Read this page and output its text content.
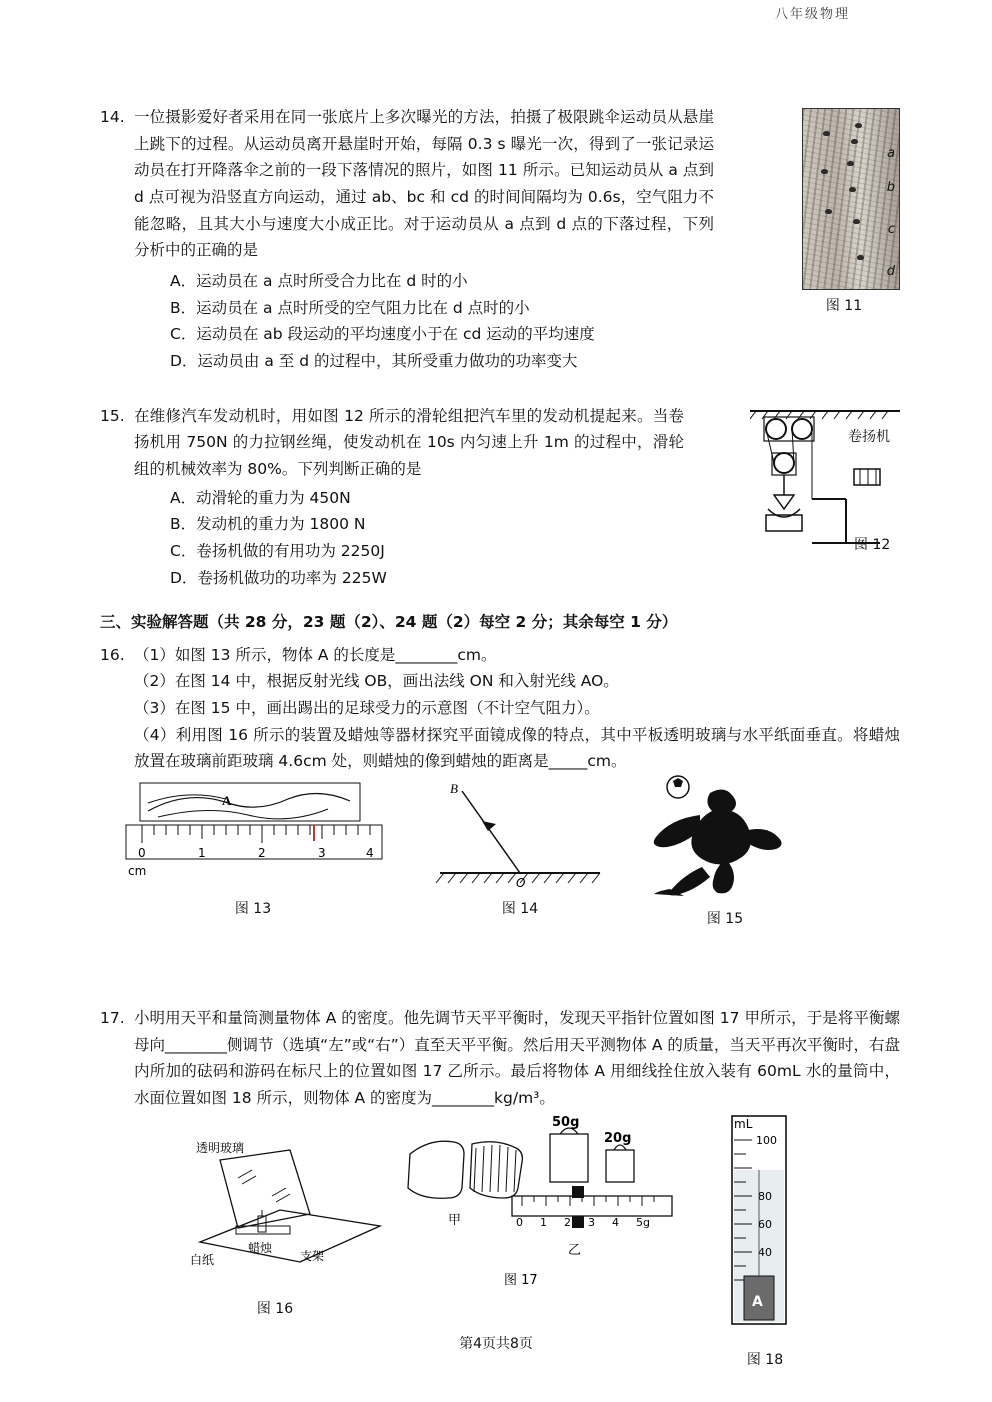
八年级物理
14. 一位摄影爱好者采用在同一张底片上多次曝光的方法，拍摄了极限跳伞运动员从悬崖上跳下的过程。从运动员离开悬崖时开始，每隔 0.3 s 曝光一次，得到了一张记录运动员在打开降落伞之前的一段下落情况的照片，如图 11 所示。已知运动员从 a 点到 d 点可视为沿竖直方向运动，通过 ab、bc 和 cd 的时间间隔均为 0.6s，空气阻力不能忽略，且其大小与速度大小成正比。对于运动员从 a 点到 d 点的下落过程，下列分析中的正确的是
a
b
c
d
图 11
A．运动员在 a 点时所受合力比在 d 时的小
B．运动员在 a 点时所受的空气阻力比在 d 点时的小
C．运动员在 ab 段运动的平均速度小于在 cd 运动的平均速度
D．运动员由 a 至 d 的过程中，其所受重力做功的功率变大
15. 在维修汽车发动机时，用如图 12 所示的滑轮组把汽车里的发动机提起来。当卷扬机用 750N 的力拉钢丝绳，使发动机在 10s 内匀速上升 1m 的过程中，滑轮组的机械效率为 80%。下列判断正确的是
卷扬机
图 12
A．动滑轮的重力为 450N
B．发动机的重力为 1800 N
C．卷扬机做的有用功为 2250J
D．卷扬机做功的功率为 225W
三、实验解答题（共 28 分，23 题（2）、24 题（2）每空 2 分；其余每空 1 分）
16. （1）如图 13 所示，物体 A 的长度是________cm。
（2）在图 14 中，根据反射光线 OB，画出法线 ON 和入射光线 AO。
（3）在图 15 中，画出踢出的足球受力的示意图（不计空气阻力）。
（4）利用图 16 所示的装置及蜡烛等器材探究平面镜成像的特点，其中平板透明玻璃与水平纸面垂直。将蜡烛放置在玻璃前距玻璃 4.6cm 处，则蜡烛的像到蜡烛的距离是_____cm。
A
0	1	2	3	4
cm
图 13
B
O
图 14
图 15
17. 小明用天平和量筒测量物体 A 的密度。他先调节天平平衡时，发现天平指针位置如图 17 甲所示，于是将平衡螺母向________侧调节（选填“左”或“右”）直至天平平衡。然后用天平测物体 A 的质量，当天平再次平衡时，右盘内所加的砝码和游码在标尺上的位置如图 17 乙所示。最后将物体 A 用细线拴住放入装有 60mL 水的量筒中，水面位置如图 18 所示，则物体 A 的密度为________kg/m³。
透明玻璃
白纸
蜡烛
支架
图 16
甲
50g
20g
0 1 2 3 4 5g
乙
图 17
mL
100
80
60
40
A
图 18
第4页共8页
